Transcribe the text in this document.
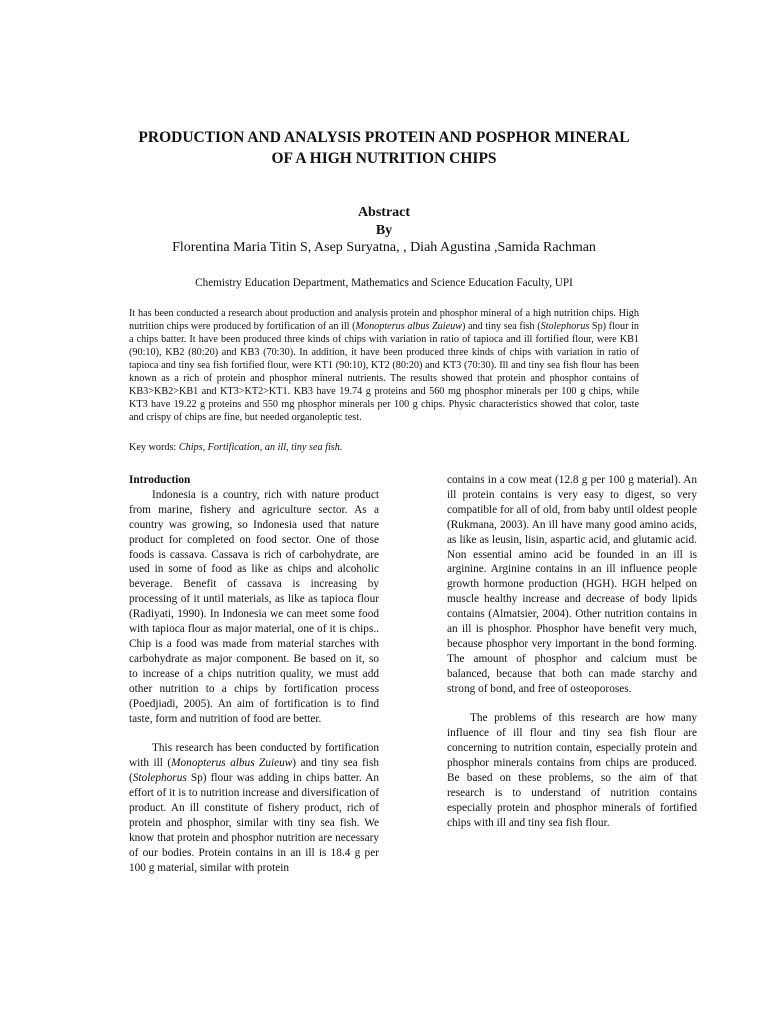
PRODUCTION AND ANALYSIS PROTEIN AND POSPHOR MINERAL OF A HIGH NUTRITION CHIPS
Abstract
By
Florentina Maria Titin S, Asep Suryatna, , Diah Agustina ,Samida Rachman
Chemistry Education Department, Mathematics and Science Education Faculty, UPI
It has been conducted a research about production and analysis protein and phosphor mineral of a high nutrition chips. High nutrition chips were produced by fortification of an ill (Monopterus albus Zuieuw) and tiny sea fish (Stolephorus Sp) flour in a chips batter. It have been produced three kinds of chips with variation in ratio of tapioca and ill fortified flour, were KB1 (90:10), KB2 (80:20) and KB3 (70:30). In addition, it have been produced three kinds of chips with variation in ratio of tapioca and tiny sea fish fortified flour, were KT1 (90:10), KT2 (80:20) and KT3 (70:30). Ill and tiny sea fish flour has been known as a rich of protein and phosphor mineral nutrients. The results showed that protein and phosphor contains of KB3>KB2>KB1 and KT3>KT2>KT1. KB3 have 19.74 g proteins and 560 mg phosphor minerals per 100 g chips, while KT3 have 19.22 g proteins and 550 mg phosphor minerals per 100 g chips. Physic characteristics showed that color, taste and crispy of chips are fine, but needed organoleptic test.
Key words: Chips, Fortification, an ill, tiny sea fish.

Introduction

Indonesia is a country, rich with nature product from marine, fishery and agriculture sector. As a country was growing, so Indonesia used that nature product for completed on food sector. One of those foods is cassava. Cassava is rich of carbohydrate, are used in some of food as like as chips and alcoholic beverage. Benefit of cassava is increasing by processing of it until materials, as like as tapioca flour (Radiyati, 1990). In Indonesia we can meet some food with tapioca flour as major material, one of it is chips.. Chip is a food was made from material starches with carbohydrate as major component. Be based on it, so to increase of a chips nutrition quality, we must add other nutrition to a chips by fortification process (Poedjiadi, 2005). An aim of fortification is to find taste, form and nutrition of food are better.

This research has been conducted by fortification with ill (Monopterus albus Zuieuw) and tiny sea fish (Stolephorus Sp) flour was adding in chips batter. An effort of it is to nutrition increase and diversification of product. An ill constitute of fishery product, rich of protein and phosphor, similar with tiny sea fish. We know that protein and phosphor nutrition are necessary of our bodies. Protein contains in an ill is 18.4 g per 100 g material, similar with protein

contains in a cow meat (12.8 g per 100 g material). An ill protein contains is very easy to digest, so very compatible for all of old, from baby until oldest people (Rukmana, 2003). An ill have many good amino acids, as like as leusin, lisin, aspartic acid, and glutamic acid. Non essential amino acid be founded in an ill is arginine. Arginine contains in an ill influence people growth hormone production (HGH). HGH helped on muscle healthy increase and decrease of body lipids contains (Almatsier, 2004). Other nutrition contains in an ill is phosphor. Phosphor have benefit very much, because phosphor very important in the bond forming. The amount of phosphor and calcium must be balanced, because that both can made starchy and strong of bond, and free of osteoporoses.

The problems of this research are how many influence of ill flour and tiny sea fish flour are concerning to nutrition contain, especially protein and phosphor minerals contains from chips are produced. Be based on these problems, so the aim of that research is to understand of nutrition contains especially protein and phosphor minerals of fortified chips with ill and tiny sea fish flour.
